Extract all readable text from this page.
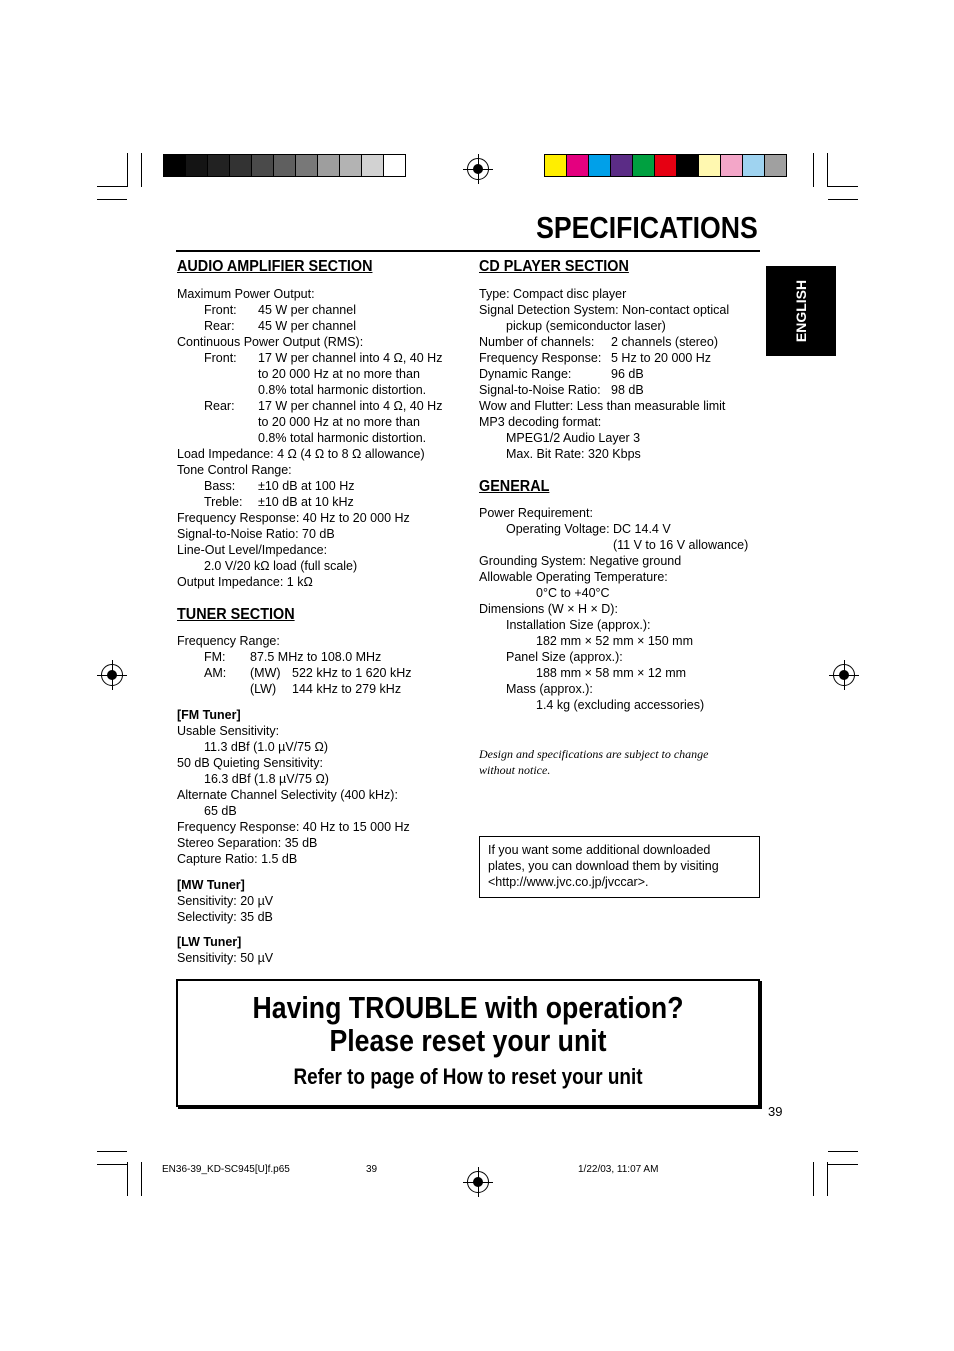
SPECIFICATIONS
ENGLISH
AUDIO AMPLIFIER SECTION
Maximum Power Output:
Front: 45 W per channel
Rear: 45 W per channel
Continuous Power Output (RMS):
Front: 17 W per channel into 4 Ω, 40 Hz
to 20 000 Hz at no more than
0.8% total harmonic distortion.
Rear: 17 W per channel into 4 Ω, 40 Hz
to 20 000 Hz at no more than
0.8% total harmonic distortion.
Load Impedance: 4 Ω (4 Ω to 8 Ω allowance)
Tone Control Range:
Bass: ±10 dB at 100 Hz
Treble: ±10 dB at 10 kHz
Frequency Response: 40 Hz to 20 000 Hz
Signal-to-Noise Ratio: 70 dB
Line-Out Level/Impedance:
2.0 V/20 kΩ load (full scale)
Output Impedance: 1 kΩ
TUNER SECTION
Frequency Range:
FM: 87.5 MHz to 108.0 MHz
AM: (MW) 522 kHz to 1 620 kHz
(LW) 144 kHz to 279 kHz
[FM Tuner]
Usable Sensitivity:
11.3 dBf (1.0 µV/75 Ω)
50 dB Quieting Sensitivity:
16.3 dBf (1.8 µV/75 Ω)
Alternate Channel Selectivity (400 kHz):
65 dB
Frequency Response: 40 Hz to 15 000 Hz
Stereo Separation: 35 dB
Capture Ratio: 1.5 dB
[MW Tuner]
Sensitivity: 20 µV
Selectivity: 35 dB
[LW Tuner]
Sensitivity: 50 µV
CD PLAYER SECTION
Type: Compact disc player
Signal Detection System: Non-contact optical
pickup (semiconductor laser)
Number of channels: 2 channels (stereo)
Frequency Response: 5 Hz to 20 000 Hz
Dynamic Range:	96 dB
Signal-to-Noise Ratio: 98 dB
Wow and Flutter: Less than measurable limit
MP3 decoding format:
MPEG1/2 Audio Layer 3
Max. Bit Rate: 320 Kbps
GENERAL
Power Requirement:
Operating Voltage: DC 14.4 V
(11 V to 16 V allowance)
Grounding System: Negative ground
Allowable Operating Temperature:
0°C to +40°C
Dimensions (W × H × D):
Installation Size (approx.):
182 mm × 52 mm × 150 mm
Panel Size (approx.):
188 mm × 58 mm × 12 mm
Mass (approx.):
1.4 kg (excluding accessories)
Design and specifications are subject to change
without notice.
If you want some additional downloaded
plates, you can download them by visiting
<http://www.jvc.co.jp/jvccar>.
Having TROUBLE with operation?
Please reset your unit
Refer to page of How to reset your unit
39
EN36-39_KD-SC945[U]f.p65	39	1/22/03, 11:07 AM
